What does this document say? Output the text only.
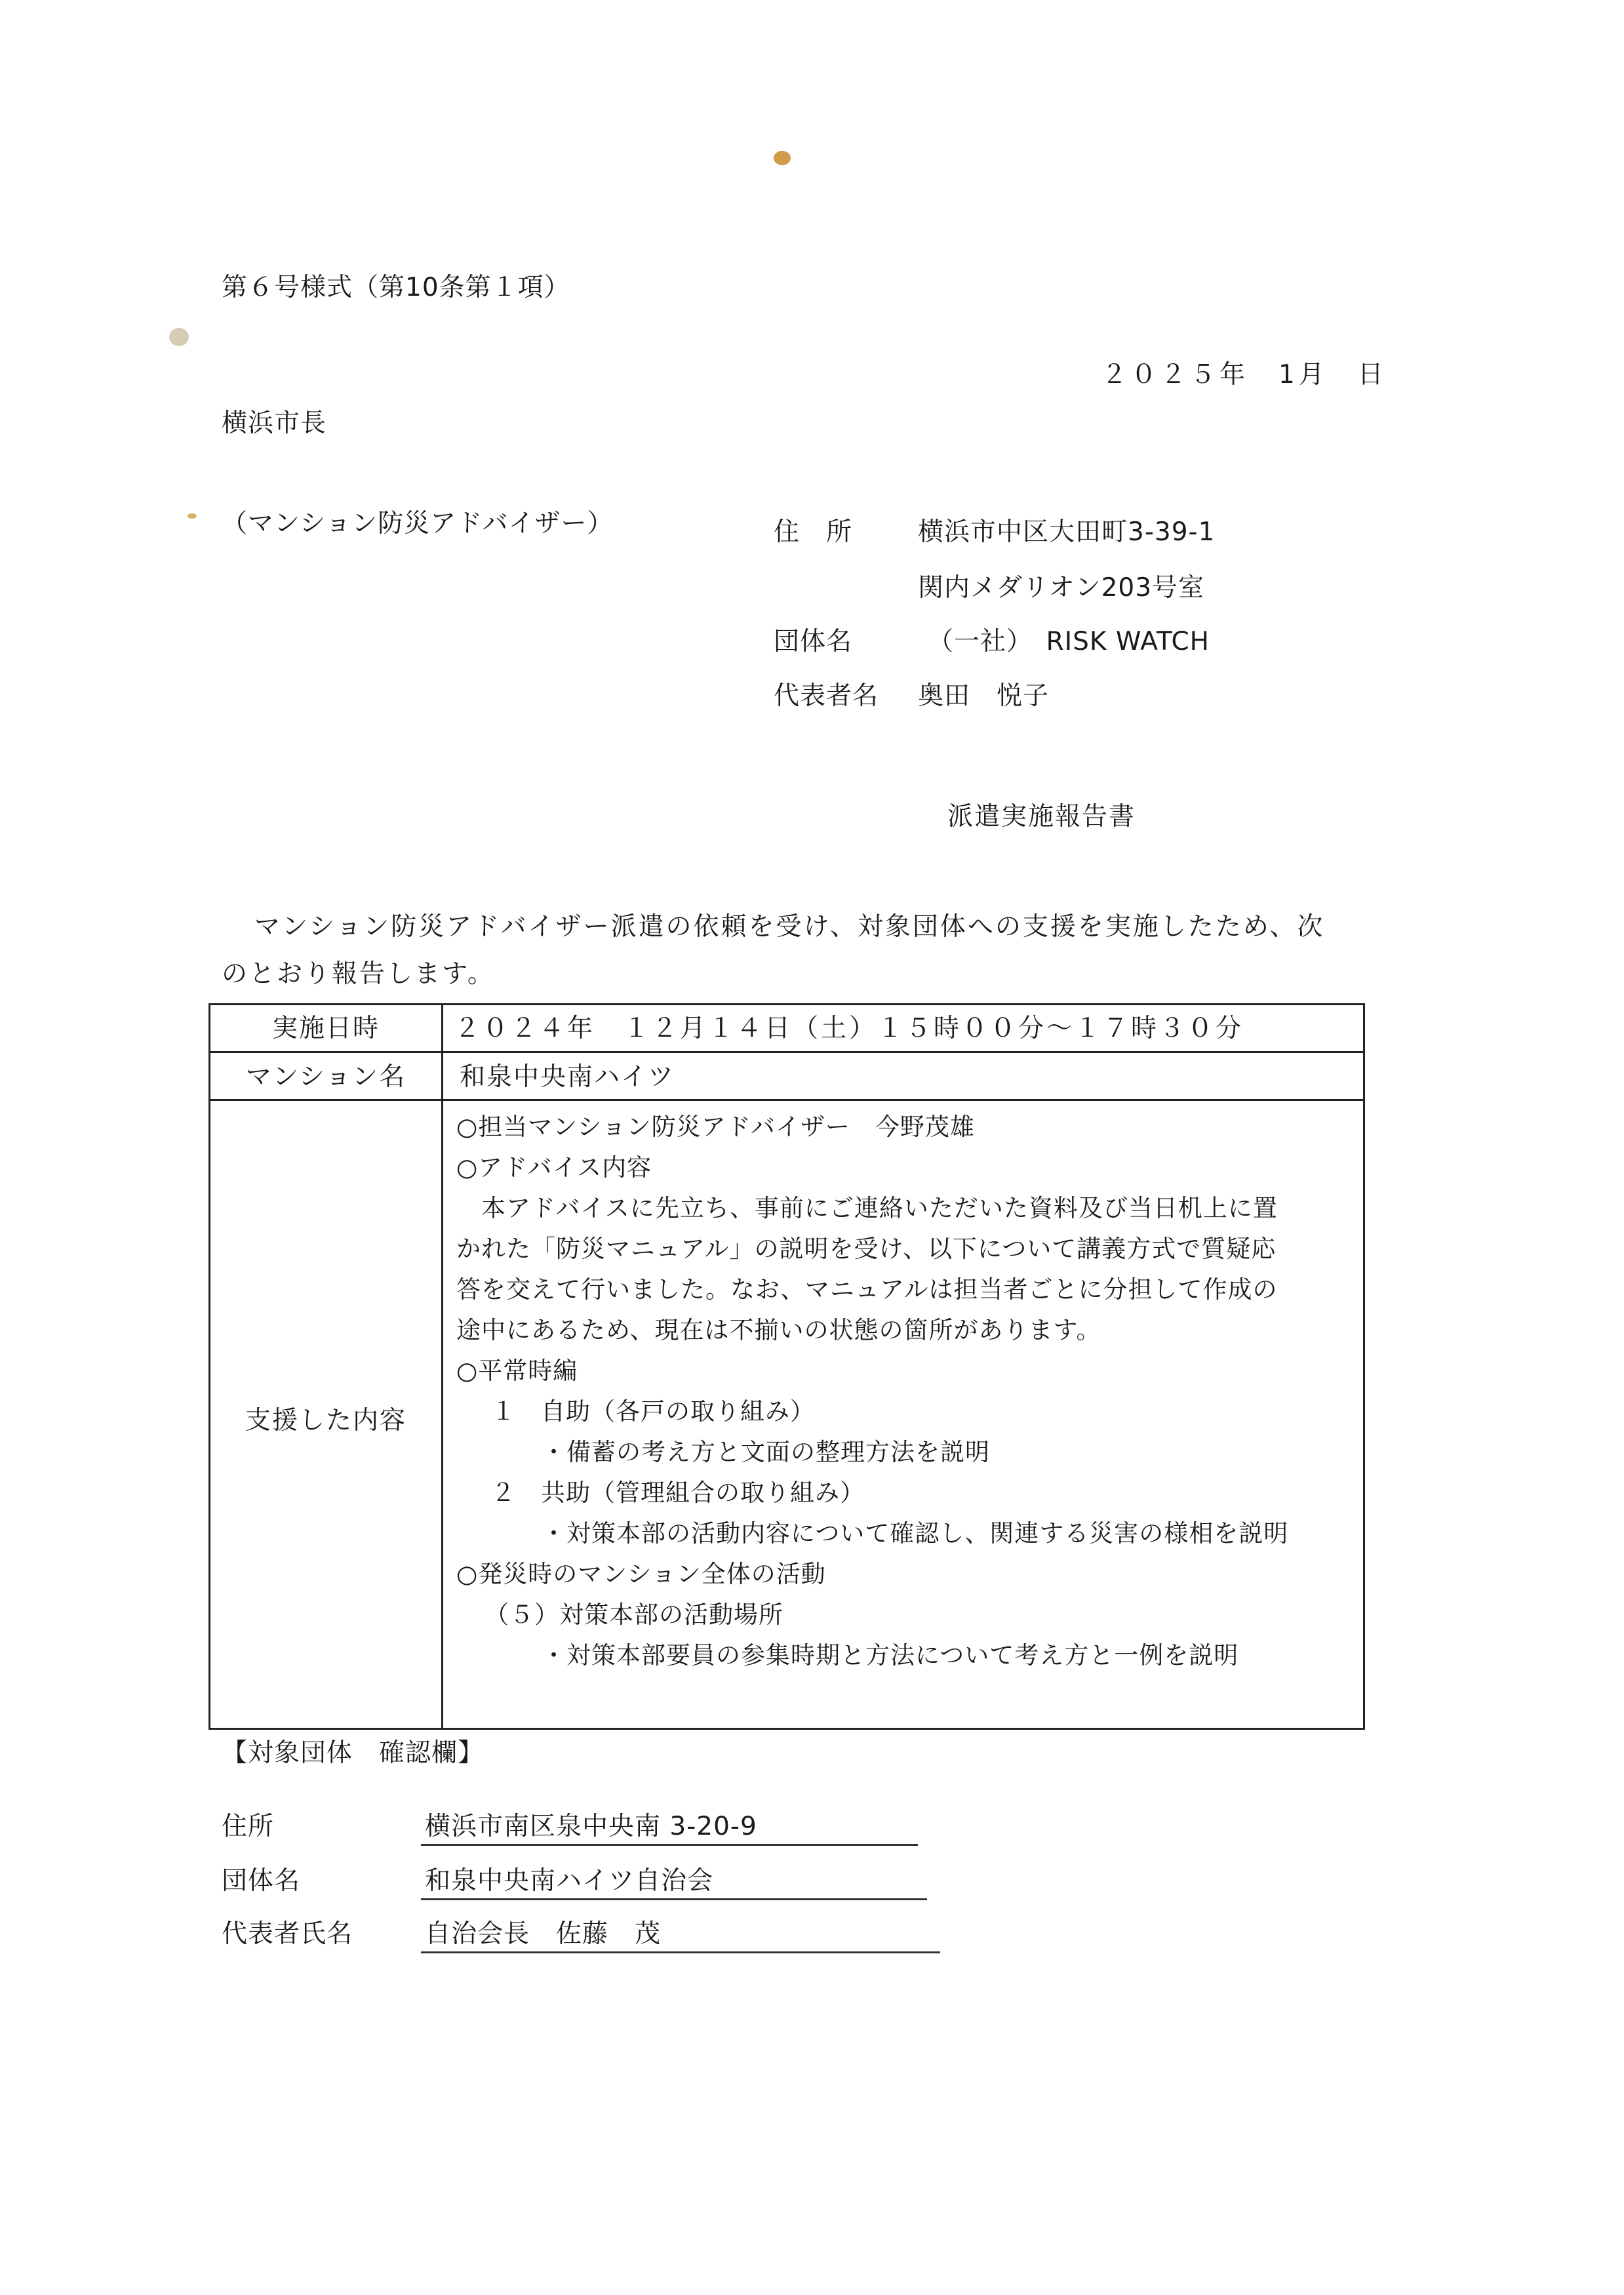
第６号様式（第10条第１項）
２０２５年　1月　日
横浜市長
（マンション防災アドバイザー）	住　所	横浜市中区大田町3-39-1
関内メダリオン203号室
団体名	（一社）　RISK WATCH
代表者名 奥田　悦子
派遣実施報告書
マンション防災アドバイザー派遣の依頼を受け、対象団体への支援を実施したため、次
のとおり報告します。
実施日時	２０２４年　１２月１４日（土）１５時００分～１７時３０分
マンション名	和泉中央南ハイツ
支援した内容
○担当マンション防災アドバイザー　今野茂雄
○アドバイス内容
　本アドバイスに先立ち、事前にご連絡いただいた資料及び当日机上に置
かれた「防災マニュアル」の説明を受け、以下について講義方式で質疑応
答を交えて行いました。なお、マニュアルは担当者ごとに分担して作成の
途中にあるため、現在は不揃いの状態の箇所があります。
○平常時編
１　自助（各戸の取り組み）
・備蓄の考え方と文面の整理方法を説明
２　共助（管理組合の取り組み）
・対策本部の活動内容について確認し、関連する災害の様相を説明
○発災時のマンション全体の活動
（５）対策本部の活動場所
・対策本部要員の参集時期と方法について考え方と一例を説明
【対象団体　確認欄】
住所	横浜市南区泉中央南 3-20-9
団体名	和泉中央南ハイツ自治会
代表者氏名	自治会長　佐藤　茂
